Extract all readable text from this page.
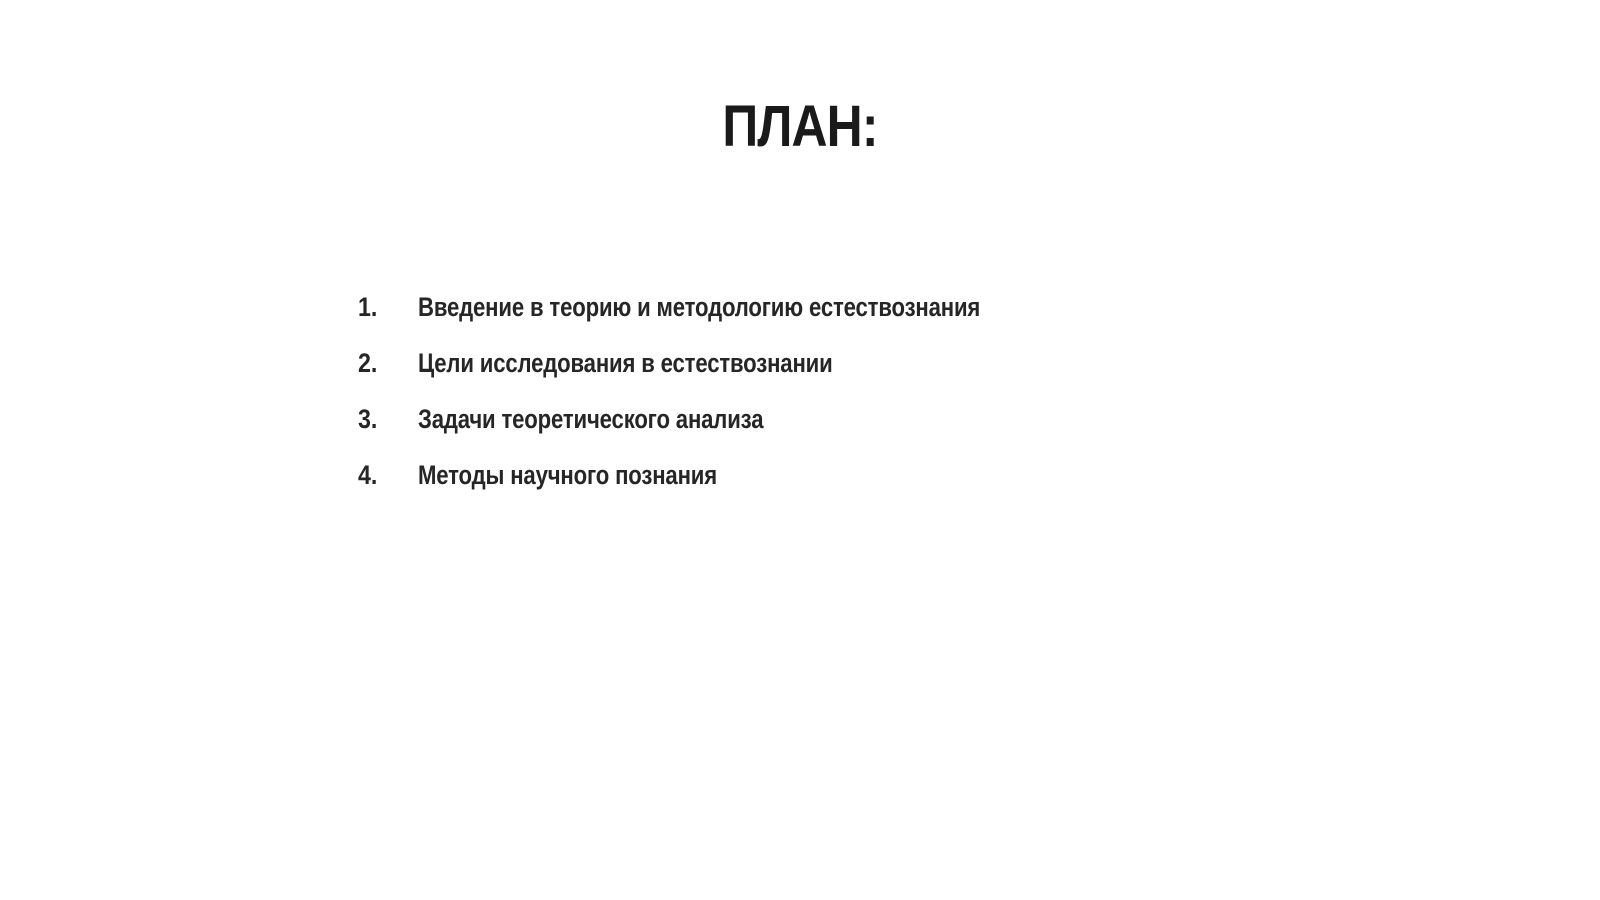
ПЛАН:
1.	Введение в теорию и методологию естествознания
2.	Цели исследования в естествознании
3.	Задачи теоретического анализа
4.	Методы научного познания
